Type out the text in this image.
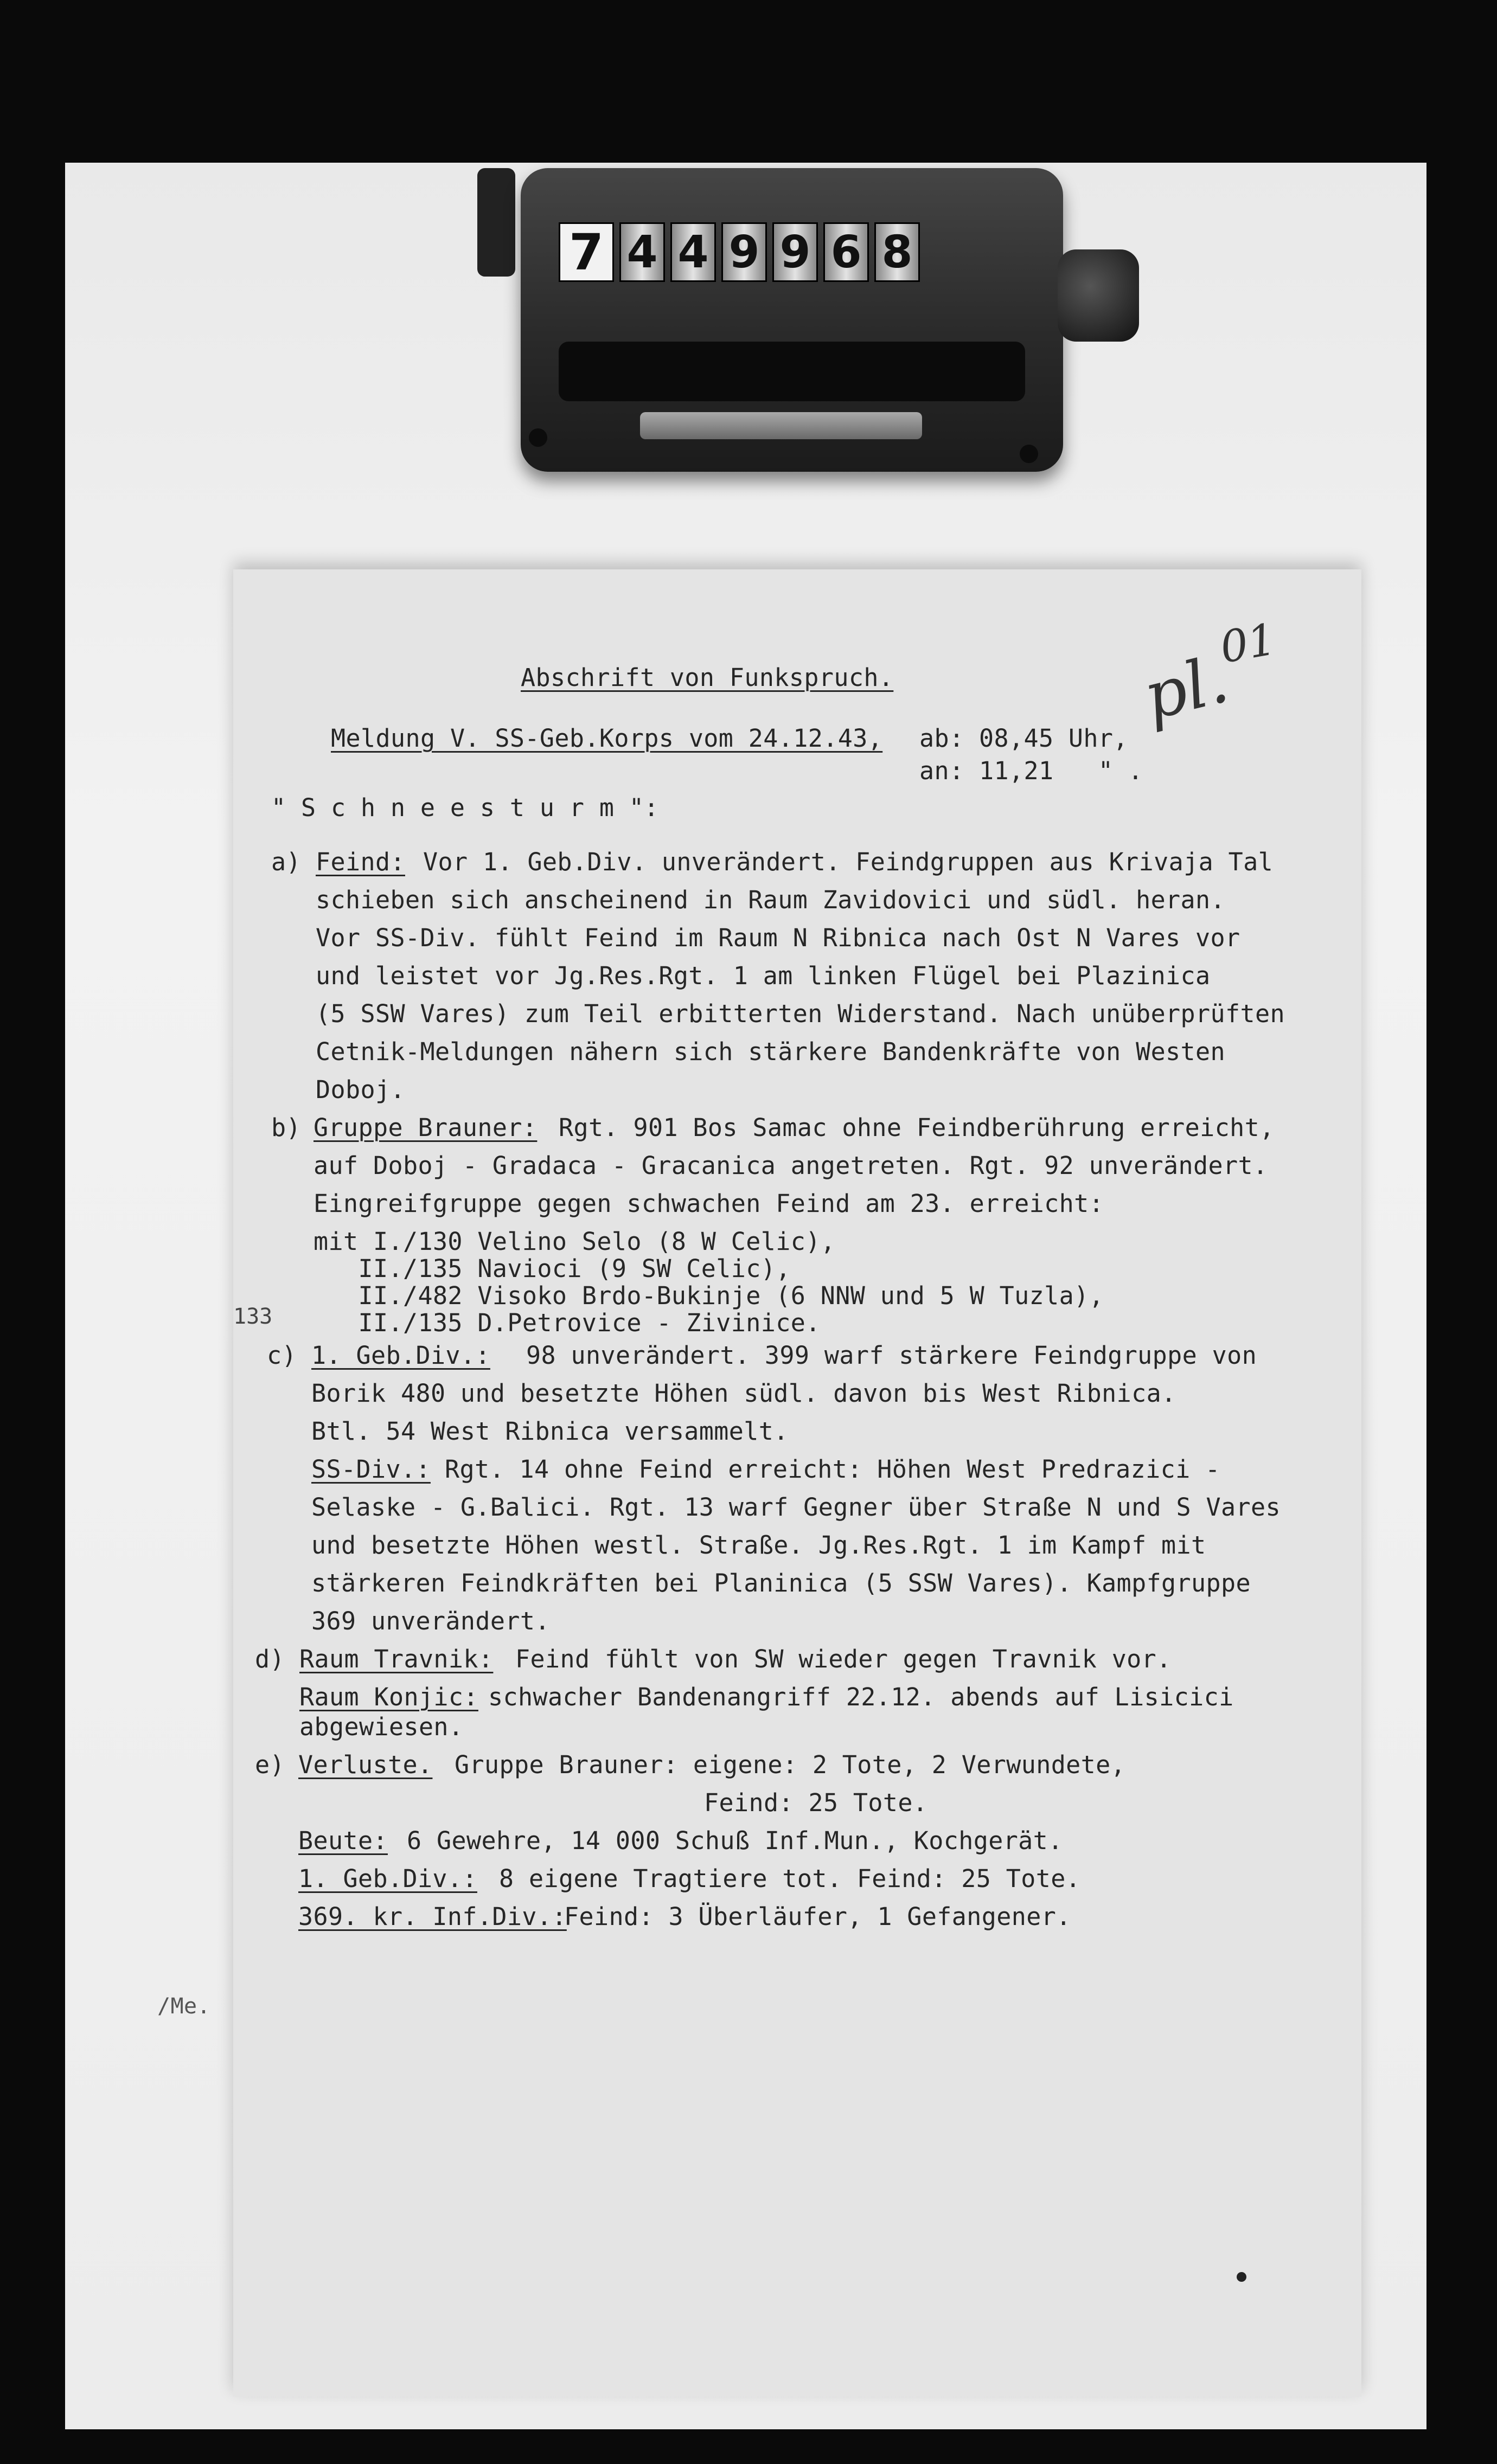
7 4 4 9 9 6 8
pl.
01
Abschrift von Funkspruch.
Meldung V. SS-Geb.Korps vom 24.12.43, ab: 08,45 Uhr,
an: 11,21   " .
" S c h n e e s t u r m ":
a) Feind: Vor 1. Geb.Div. unverändert. Feindgruppen aus Krivaja Tal
schieben sich anscheinend in Raum Zavidovici und südl. heran.
Vor SS-Div. fühlt Feind im Raum N Ribnica nach Ost N Vares vor
und leistet vor Jg.Res.Rgt. 1 am linken Flügel bei Plazinica
(5 SSW Vares) zum Teil erbitterten Widerstand. Nach unüberprüften
Cetnik-Meldungen nähern sich stärkere Bandenkräfte von Westen
Doboj.
b) Gruppe Brauner: Rgt. 901 Bos Samac ohne Feindberührung erreicht,
auf Doboj - Gradaca - Gracanica angetreten. Rgt. 92 unverändert.
Eingreifgruppe gegen schwachen Feind am 23. erreicht:
mit I./130 Velino Selo (8 W Celic),
II./135 Navioci (9 SW Celic),
II./482 Visoko Brdo-Bukinje (6 NNW und 5 W Tuzla),
II./135 D.Petrovice - Zivinice.
133
c) 1. Geb.Div.: 98 unverändert. 399 warf stärkere Feindgruppe von
Borik 480 und besetzte Höhen südl. davon bis West Ribnica.
Btl. 54 West Ribnica versammelt.
SS-Div.: Rgt. 14 ohne Feind erreicht: Höhen West Predrazici -
Selaske - G.Balici. Rgt. 13 warf Gegner über Straße N und S Vares
und besetzte Höhen westl. Straße. Jg.Res.Rgt. 1 im Kampf mit
stärkeren Feindkräften bei Planinica (5 SSW Vares). Kampfgruppe
369 unverändert.
d) Raum Travnik: Feind fühlt von SW wieder gegen Travnik vor.
Raum Konjic: schwacher Bandenangriff 22.12. abends auf Lisicici
abgewiesen.
e) Verluste. Gruppe Brauner: eigene: 2 Tote, 2 Verwundete,
Feind: 25 Tote.
Beute: 6 Gewehre, 14 000 Schuß Inf.Mun., Kochgerät.
1. Geb.Div.: 8 eigene Tragtiere tot. Feind: 25 Tote.
369. kr. Inf.Div.:
Feind: 3 Überläufer, 1 Gefangener.
/Me.
